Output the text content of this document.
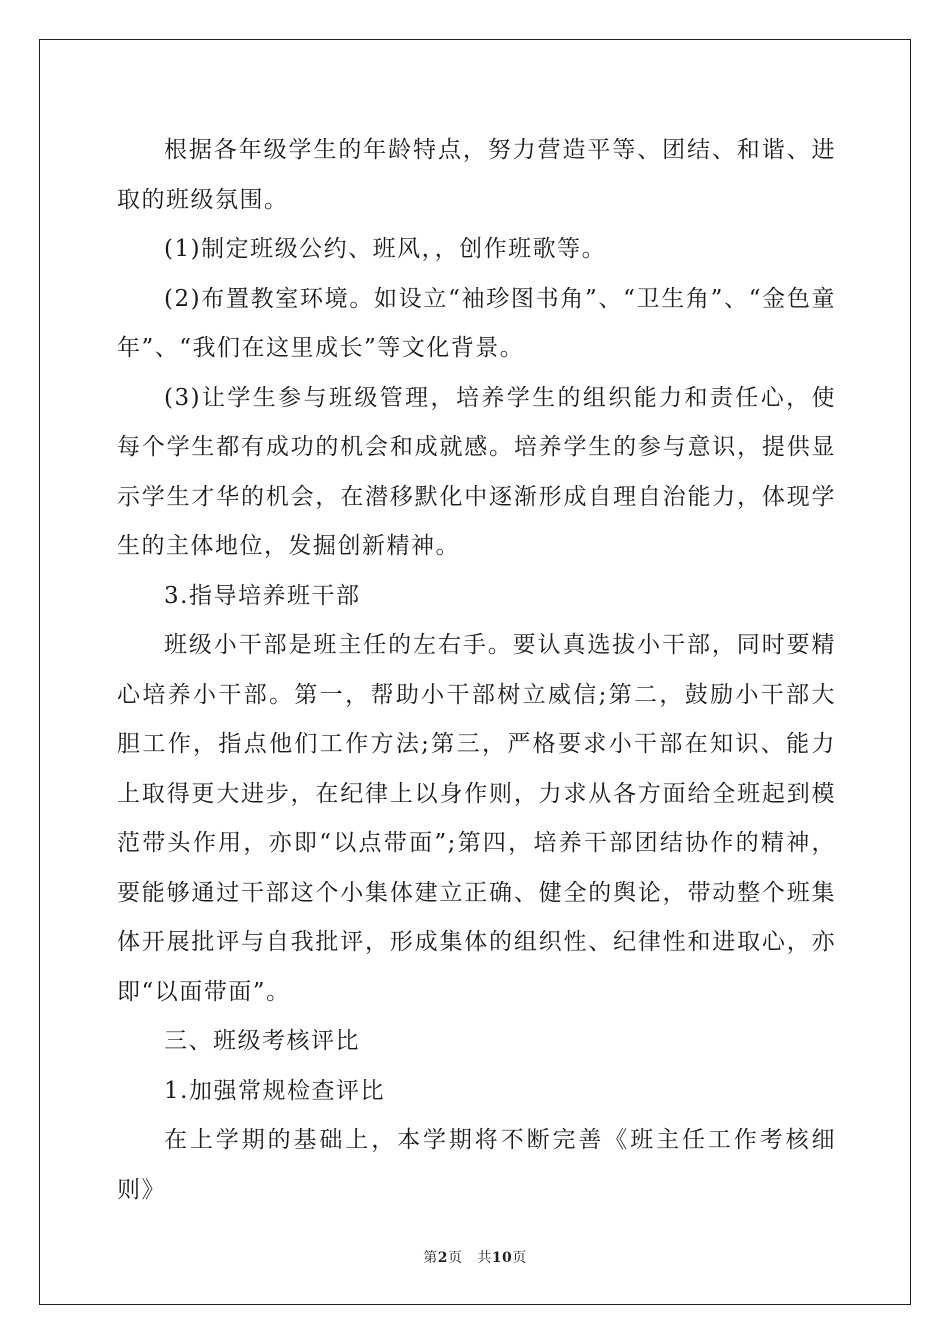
根据各年级学生的年龄特点，努力营造平等、团结、和谐、进取的班级氛围。

(1)制定班级公约、班风，，创作班歌等。

(2)布置教室环境。如设立“袖珍图书角”、“卫生角”、“金色童年”、“我们在这里成长”等文化背景。

(3)让学生参与班级管理，培养学生的组织能力和责任心，使每个学生都有成功的机会和成就感。培养学生的参与意识，提供显示学生才华的机会，在潜移默化中逐渐形成自理自治能力，体现学生的主体地位，发掘创新精神。

3.指导培养班干部

班级小干部是班主任的左右手。要认真选拔小干部，同时要精心培养小干部。第一，帮助小干部树立威信;第二，鼓励小干部大胆工作，指点他们工作方法;第三，严格要求小干部在知识、能力上取得更大进步，在纪律上以身作则，力求从各方面给全班起到模范带头作用，亦即“以点带面”;第四，培养干部团结协作的精神，要能够通过干部这个小集体建立正确、健全的舆论，带动整个班集体开展批评与自我批评，形成集体的组织性、纪律性和进取心，亦即“以面带面”。

三、班级考核评比

1.加强常规检查评比

在上学期的基础上，本学期将不断完善《班主任工作考核细则》

第2页 共10页
